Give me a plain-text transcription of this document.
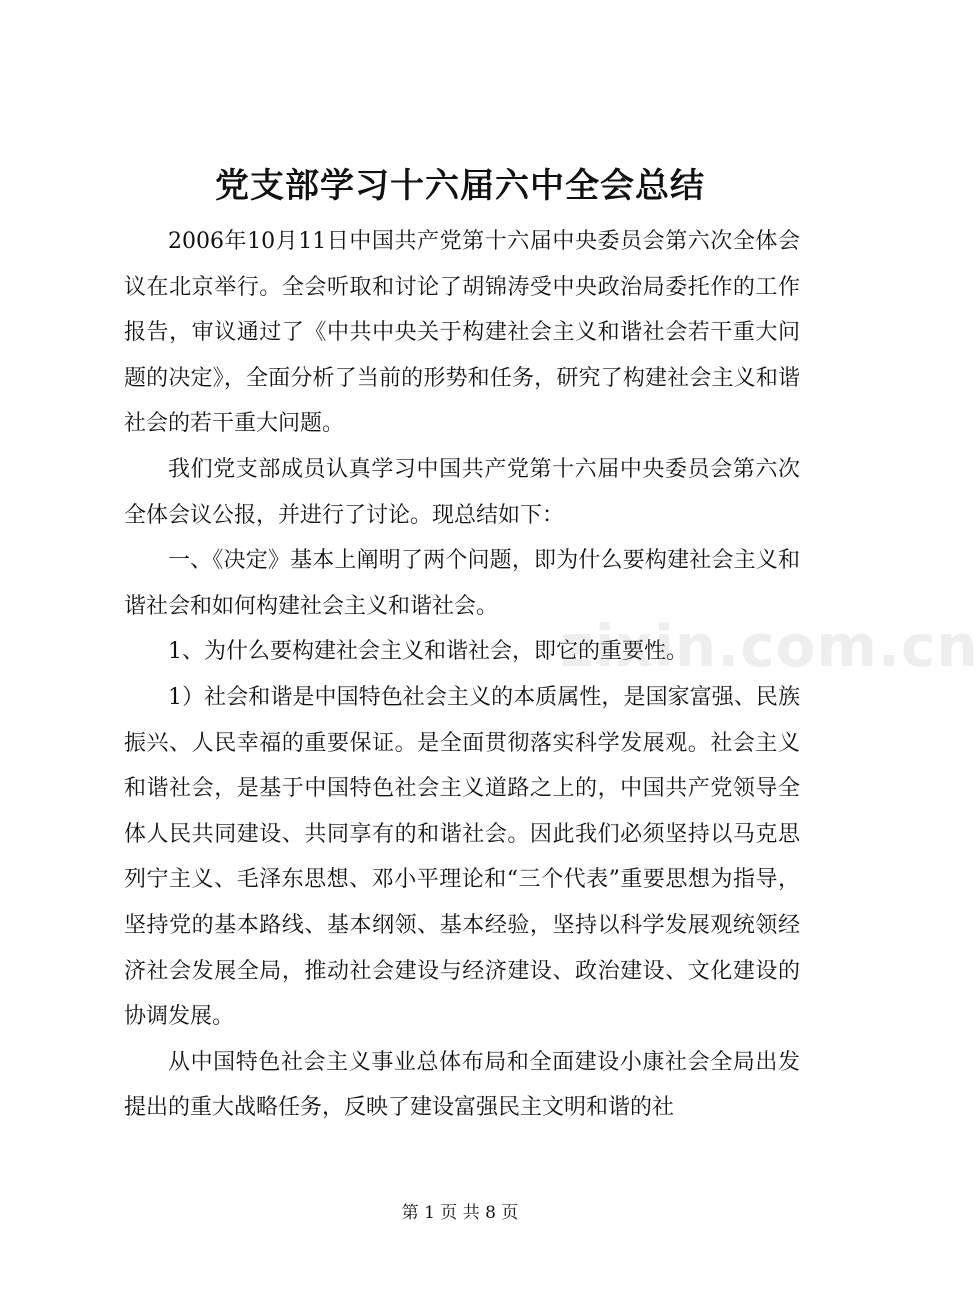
党支部学习十六届六中全会总结

2006年10月11日中国共产党第十六届中央委员会第六次全体会议在北京举行。全会听取和讨论了胡锦涛受中央政治局委托作的工作报告，审议通过了《中共中央关于构建社会主义和谐社会若干重大问题的决定》，全面分析了当前的形势和任务，研究了构建社会主义和谐社会的若干重大问题。

我们党支部成员认真学习中国共产党第十六届中央委员会第六次全体会议公报，并进行了讨论。现总结如下：

一、《决定》基本上阐明了两个问题，即为什么要构建社会主义和谐社会和如何构建社会主义和谐社会。

1、为什么要构建社会主义和谐社会，即它的重要性。

1）社会和谐是中国特色社会主义的本质属性，是国家富强、民族振兴、人民幸福的重要保证。是全面贯彻落实科学发展观。社会主义和谐社会，是基于中国特色社会主义道路之上的，中国共产党领导全体人民共同建设、共同享有的和谐社会。因此我们必须坚持以马克思列宁主义、毛泽东思想、邓小平理论和“三个代表”重要思想为指导，坚持党的基本路线、基本纲领、基本经验，坚持以科学发展观统领经济社会发展全局，推动社会建设与经济建设、政治建设、文化建设的协调发展。

从中国特色社会主义事业总体布局和全面建设小康社会全局出发提出的重大战略任务，反映了建设富强民主文明和谐的社

zixin.com.cn
第 1 页 共 8 页
